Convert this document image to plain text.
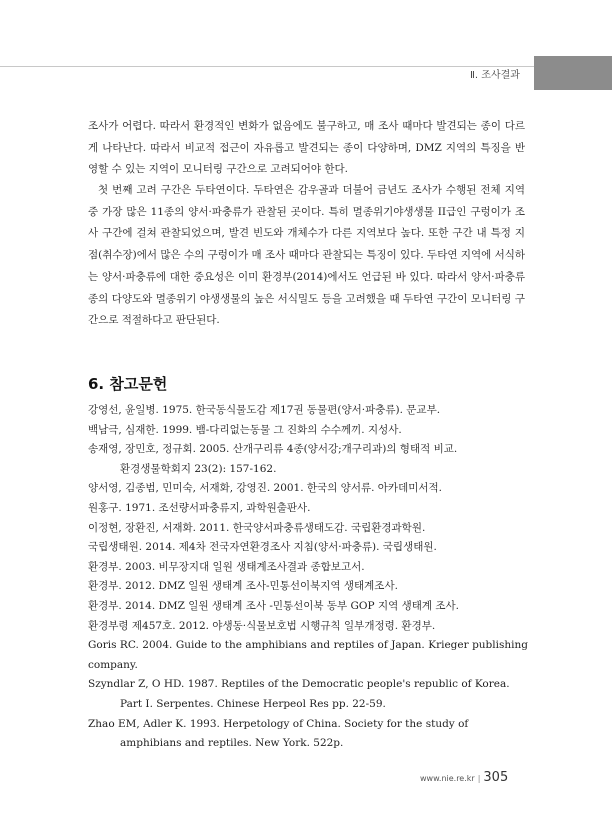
Ⅱ. 조사결과

조사가 어렵다. 따라서 환경적인 변화가 없음에도 불구하고, 매 조사 때마다 발견되는 종이 다르게 나타난다. 따라서 비교적 접근이 자유롭고 발견되는 종이 다양하며, DMZ 지역의 특징을 반영할 수 있는 지역이 모니터링 구간으로 고려되어야 한다.

첫 번째 고려 구간은 두타연이다. 두타연은 감우골과 더불어 금년도 조사가 수행된 전체 지역 중 가장 많은 11종의 양서·파충류가 관찰된 곳이다. 특히 멸종위기야생생물 II급인 구렁이가 조사 구간에 걸쳐 관찰되었으며, 발견 빈도와 개체수가 다른 지역보다 높다. 또한 구간 내 특정 지점(취수장)에서 많은 수의 구렁이가 매 조사 때마다 관찰되는 특징이 있다. 두타연 지역에 서식하는 양서·파충류에 대한 중요성은 이미 환경부(2014)에서도 언급된 바 있다. 따라서 양서·파충류 종의 다양도와 멸종위기 야생생물의 높은 서식밀도 등을 고려했을 때 두타연 구간이 모니터링 구간으로 적절하다고 판단된다.

6. 참고문헌
강영선, 윤일병. 1975. 한국동식물도감 제17권 동물편(양서·파충류). 문교부.
백남극, 심재한. 1999. 뱀-다리없는동물 그 진화의 수수께끼. 지성사.
송재영, 장민호, 정규회. 2005. 산개구리류 4종(양서강;개구리과)의 형태적 비교.
환경생물학회지 23(2): 157-162.
양서영, 김종범, 민미숙, 서재화, 강영진. 2001. 한국의 양서류. 아카데미서적.
원홍구. 1971. 조선량서파충류지, 과학원출판사.
이정현, 장환진, 서재화. 2011. 한국양서파충류생태도감. 국립환경과학원.
국립생태원. 2014. 제4차 전국자연환경조사 지침(양서·파충류). 국립생태원.
환경부. 2003. 비무장지대 일원 생태계조사결과 종합보고서.
환경부. 2012. DMZ 일원 생태계 조사-민통선이북지역 생태계조사.
환경부. 2014. DMZ 일원 생태계 조사 -민통선이북 동부 GOP 지역 생태계 조사.
환경부령 제457호. 2012. 야생동·식물보호법 시행규칙 일부개정령. 환경부.
Goris RC. 2004. Guide to the amphibians and reptiles of Japan. Krieger publishing company.
Szyndlar Z, O HD. 1987. Reptiles of the Democratic people's republic of Korea.
Part Ⅰ. Serpentes. Chinese Herpeol Res pp. 22-59.
Zhao EM, Adler K. 1993. Herpetology of China. Society for the study of
amphibians and reptiles. New York. 522p.
www.nie.re.kr | 305
